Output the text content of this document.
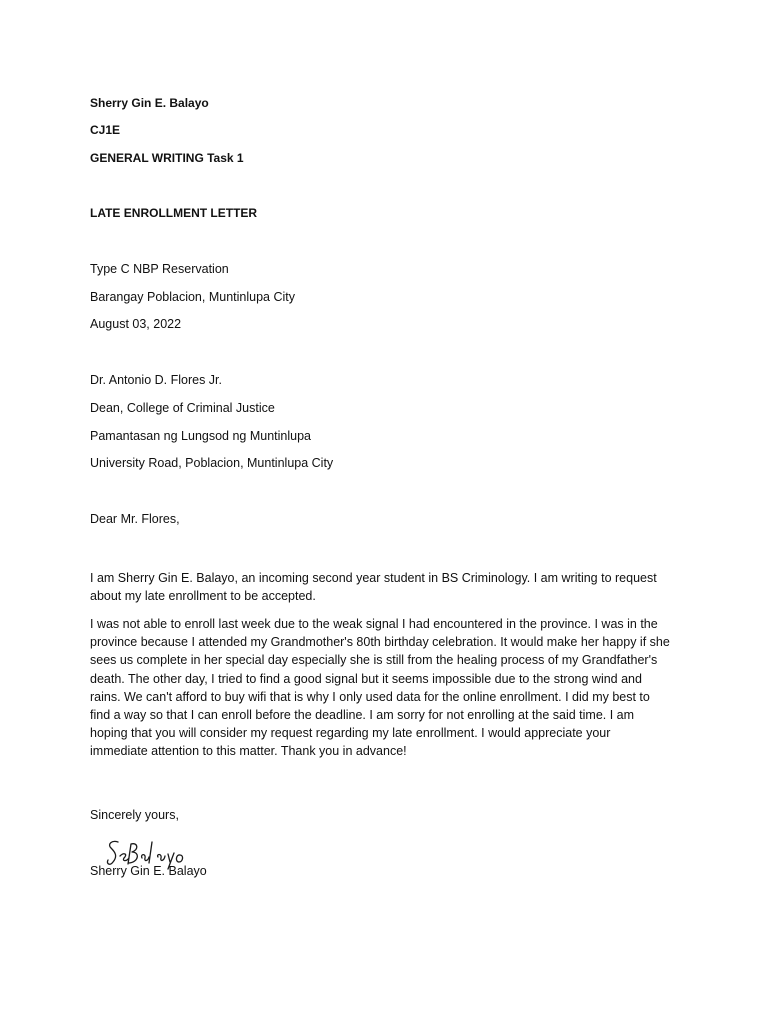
Sherry Gin E. Balayo
CJ1E
GENERAL WRITING Task 1
LATE ENROLLMENT LETTER
Type C NBP Reservation
Barangay Poblacion, Muntinlupa City
August 03, 2022
Dr. Antonio D. Flores Jr.
Dean, College of Criminal Justice
Pamantasan ng Lungsod ng Muntinlupa
University Road, Poblacion, Muntinlupa City
Dear Mr. Flores,
I am Sherry Gin E. Balayo, an incoming second year student in BS Criminology. I am writing to request about my late enrollment to be accepted.
I was not able to enroll last week due to the weak signal I had encountered in the province. I was in the province because I attended my Grandmother's 80th birthday celebration. It would make her happy if she sees us complete in her special day especially she is still from the healing process of my Grandfather's death. The other day, I tried to find a good signal but it seems impossible due to the strong wind and rains. We can't afford to buy wifi that is why I only used data for the online enrollment. I did my best to find a way so that I can enroll before the deadline. I am sorry for not enrolling at the said time. I am hoping that you will consider my request regarding my late enrollment. I would appreciate your immediate attention to this matter. Thank you in advance!
Sincerely yours,
Sherry Gin E. Balayo
